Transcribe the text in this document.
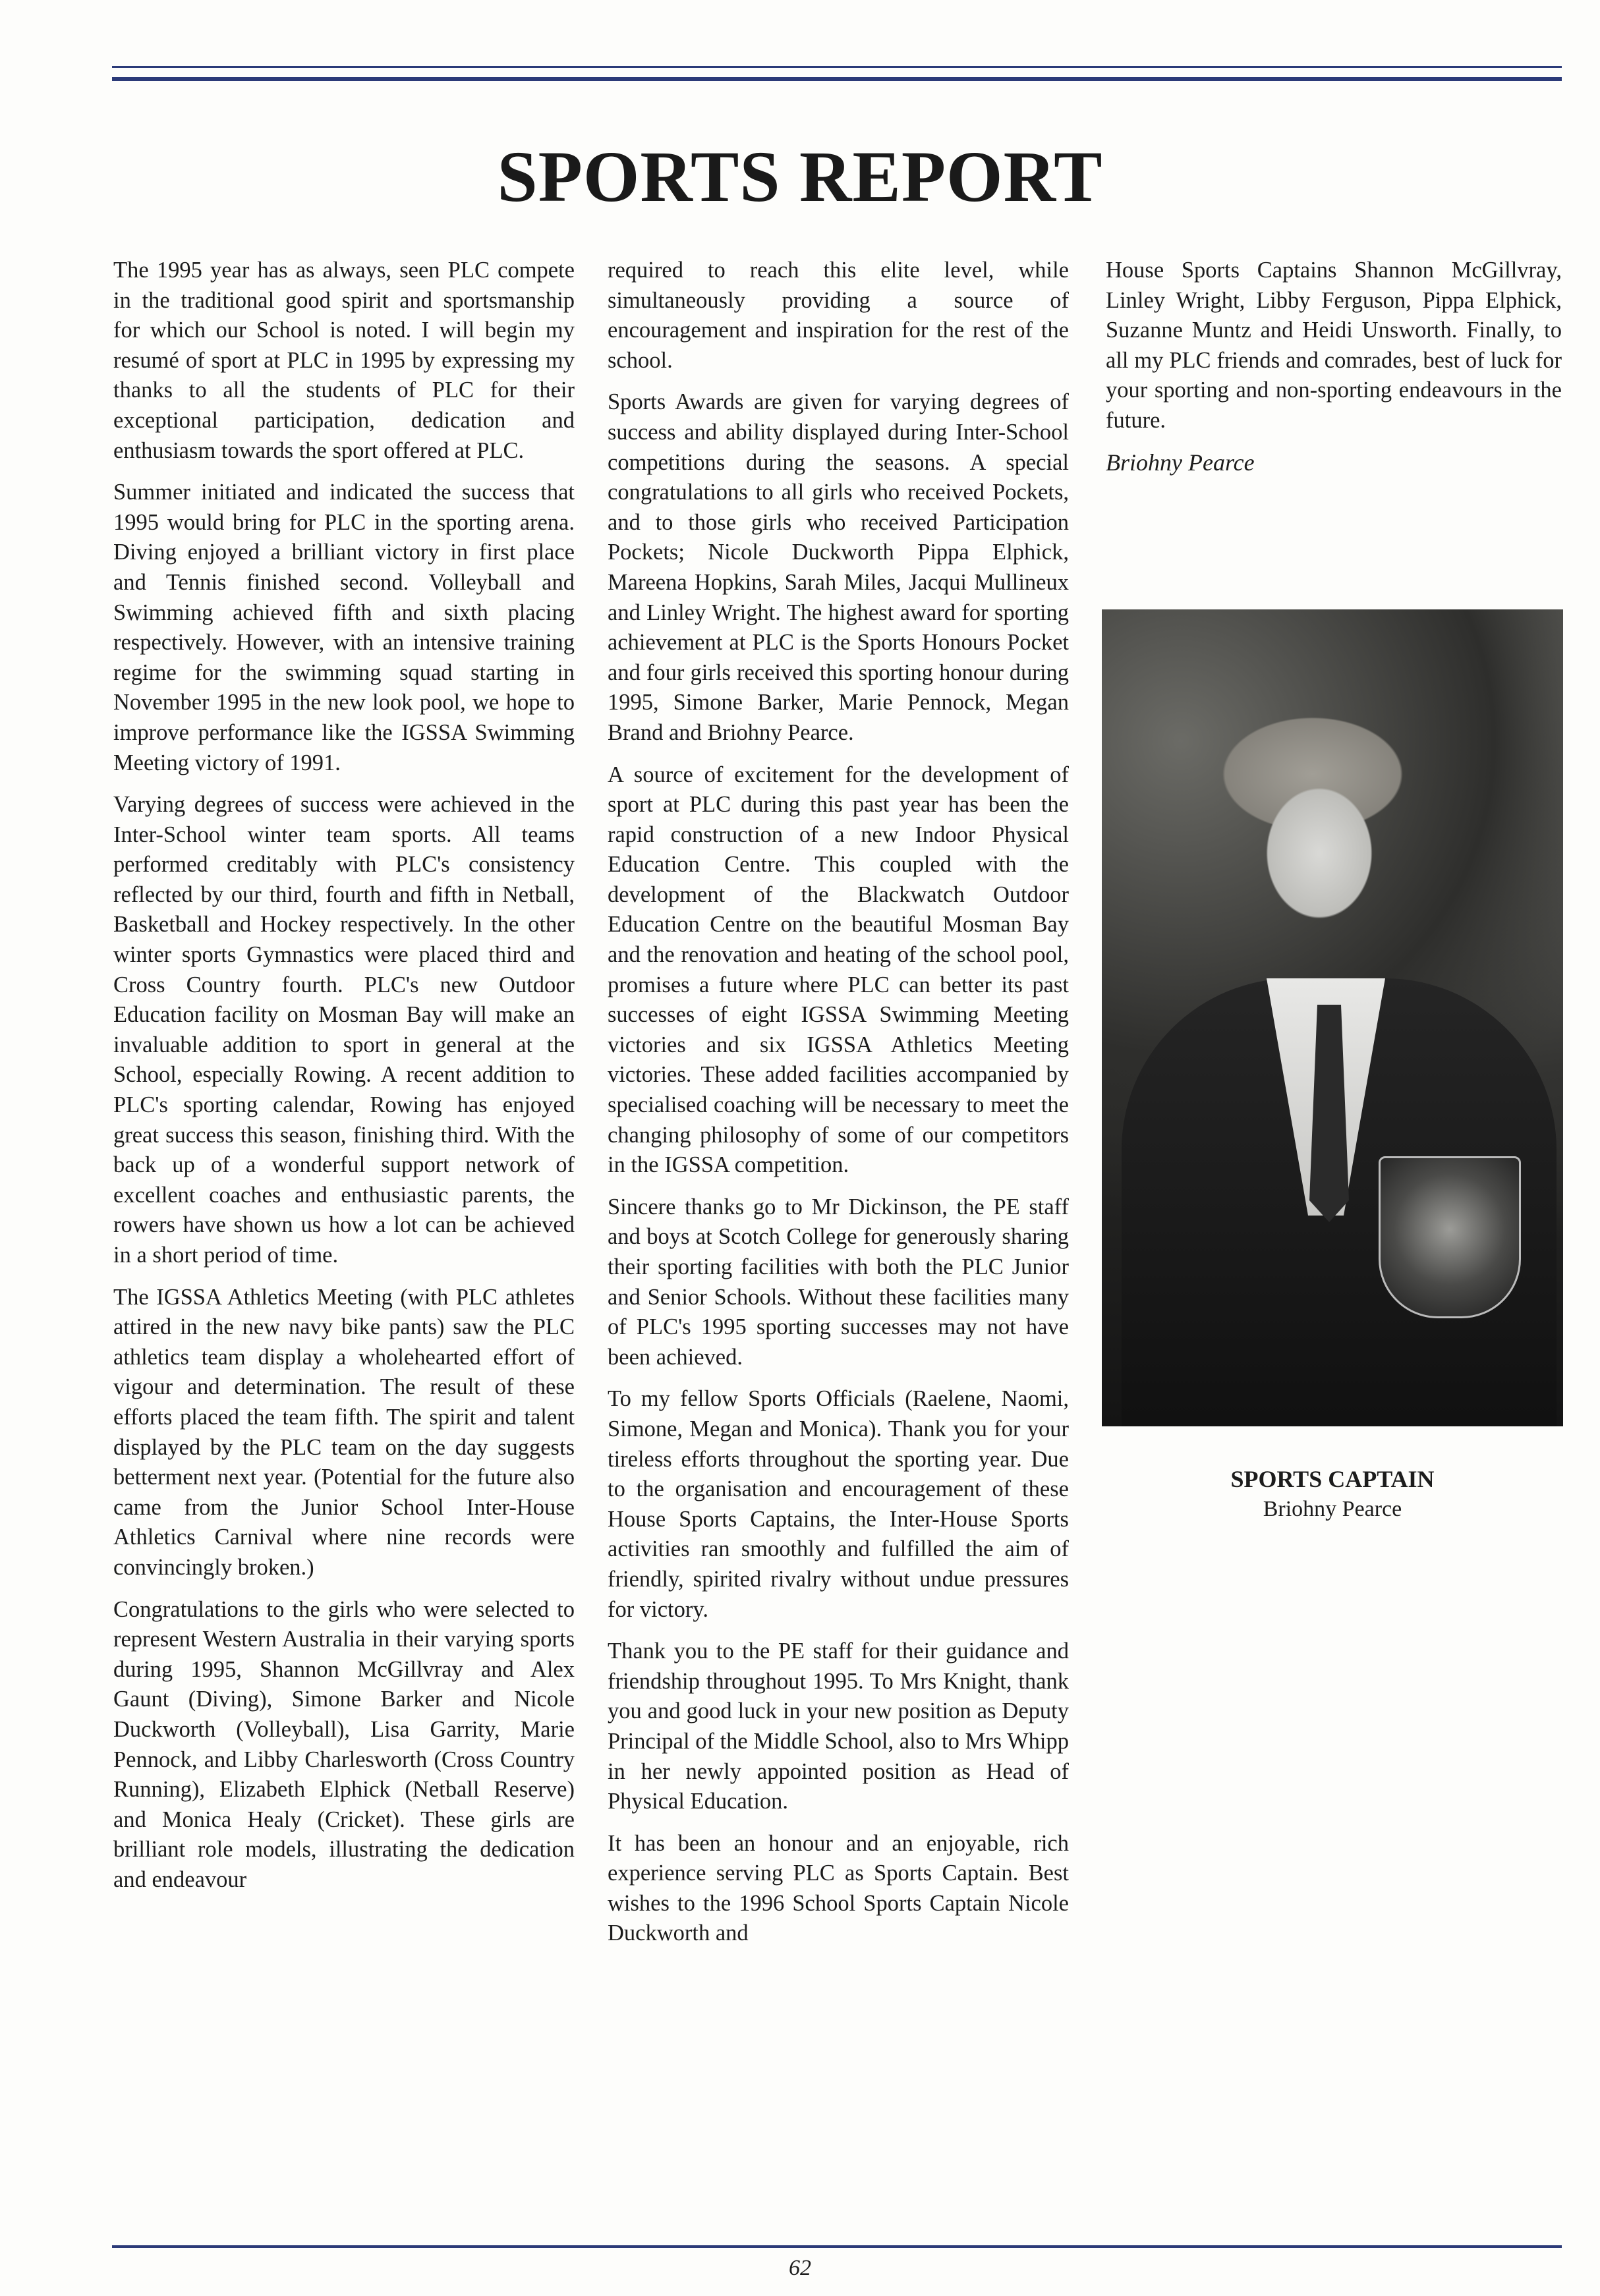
SPORTS REPORT

The 1995 year has as always, seen PLC compete in the traditional good spirit and sportsmanship for which our School is noted. I will begin my resumé of sport at PLC in 1995 by expressing my thanks to all the students of PLC for their exceptional participation, dedication and enthusiasm towards the sport offered at PLC.

Summer initiated and indicated the success that 1995 would bring for PLC in the sporting arena. Diving enjoyed a brilliant victory in first place and Tennis finished second. Volleyball and Swimming achieved fifth and sixth placing respectively. However, with an intensive training regime for the swimming squad starting in November 1995 in the new look pool, we hope to improve performance like the IGSSA Swimming Meeting victory of 1991.

Varying degrees of success were achieved in the Inter-School winter team sports. All teams performed creditably with PLC's consistency reflected by our third, fourth and fifth in Netball, Basketball and Hockey respectively. In the other winter sports Gymnastics were placed third and Cross Country fourth. PLC's new Outdoor Education facility on Mosman Bay will make an invaluable addition to sport in general at the School, especially Rowing. A recent addition to PLC's sporting calendar, Rowing has enjoyed great success this season, finishing third. With the back up of a wonderful support network of excellent coaches and enthusiastic parents, the rowers have shown us how a lot can be achieved in a short period of time.

The IGSSA Athletics Meeting (with PLC athletes attired in the new navy bike pants) saw the PLC athletics team display a wholehearted effort of vigour and determination. The result of these efforts placed the team fifth. The spirit and talent displayed by the PLC team on the day suggests betterment next year. (Potential for the future also came from the Junior School Inter-House Athletics Carnival where nine records were convincingly broken.)

Congratulations to the girls who were selected to represent Western Australia in their varying sports during 1995, Shannon McGillvray and Alex Gaunt (Diving), Simone Barker and Nicole Duckworth (Volleyball), Lisa Garrity, Marie Pennock, and Libby Charlesworth (Cross Country Running), Elizabeth Elphick (Netball Reserve) and Monica Healy (Cricket). These girls are brilliant role models, illustrating the dedication and endeavour

required to reach this elite level, while simultaneously providing a source of encouragement and inspiration for the rest of the school.

Sports Awards are given for varying degrees of success and ability displayed during Inter-School competitions during the seasons. A special congratulations to all girls who received Pockets, and to those girls who received Participation Pockets; Nicole Duckworth Pippa Elphick, Mareena Hopkins, Sarah Miles, Jacqui Mullineux and Linley Wright. The highest award for sporting achievement at PLC is the Sports Honours Pocket and four girls received this sporting honour during 1995, Simone Barker, Marie Pennock, Megan Brand and Briohny Pearce.

A source of excitement for the development of sport at PLC during this past year has been the rapid construction of a new Indoor Physical Education Centre. This coupled with the development of the Blackwatch Outdoor Education Centre on the beautiful Mosman Bay and the renovation and heating of the school pool, promises a future where PLC can better its past successes of eight IGSSA Swimming Meeting victories and six IGSSA Athletics Meeting victories. These added facilities accompanied by specialised coaching will be necessary to meet the changing philosophy of some of our competitors in the IGSSA competition.

Sincere thanks go to Mr Dickinson, the PE staff and boys at Scotch College for generously sharing their sporting facilities with both the PLC Junior and Senior Schools. Without these facilities many of PLC's 1995 sporting successes may not have been achieved.

To my fellow Sports Officials (Raelene, Naomi, Simone, Megan and Monica). Thank you for your tireless efforts throughout the sporting year. Due to the organisation and encouragement of these House Sports Captains, the Inter-House Sports activities ran smoothly and fulfilled the aim of friendly, spirited rivalry without undue pressures for victory.

Thank you to the PE staff for their guidance and friendship throughout 1995. To Mrs Knight, thank you and good luck in your new position as Deputy Principal of the Middle School, also to Mrs Whipp in her newly appointed position as Head of Physical Education.

It has been an honour and an enjoyable, rich experience serving PLC as Sports Captain. Best wishes to the 1996 School Sports Captain Nicole Duckworth and

House Sports Captains Shannon McGillvray, Linley Wright, Libby Ferguson, Pippa Elphick, Suzanne Muntz and Heidi Unsworth. Finally, to all my PLC friends and comrades, best of luck for your sporting and non-sporting endeavours in the future.

Briohny Pearce
SPORTS CAPTAIN
Briohny Pearce
62
